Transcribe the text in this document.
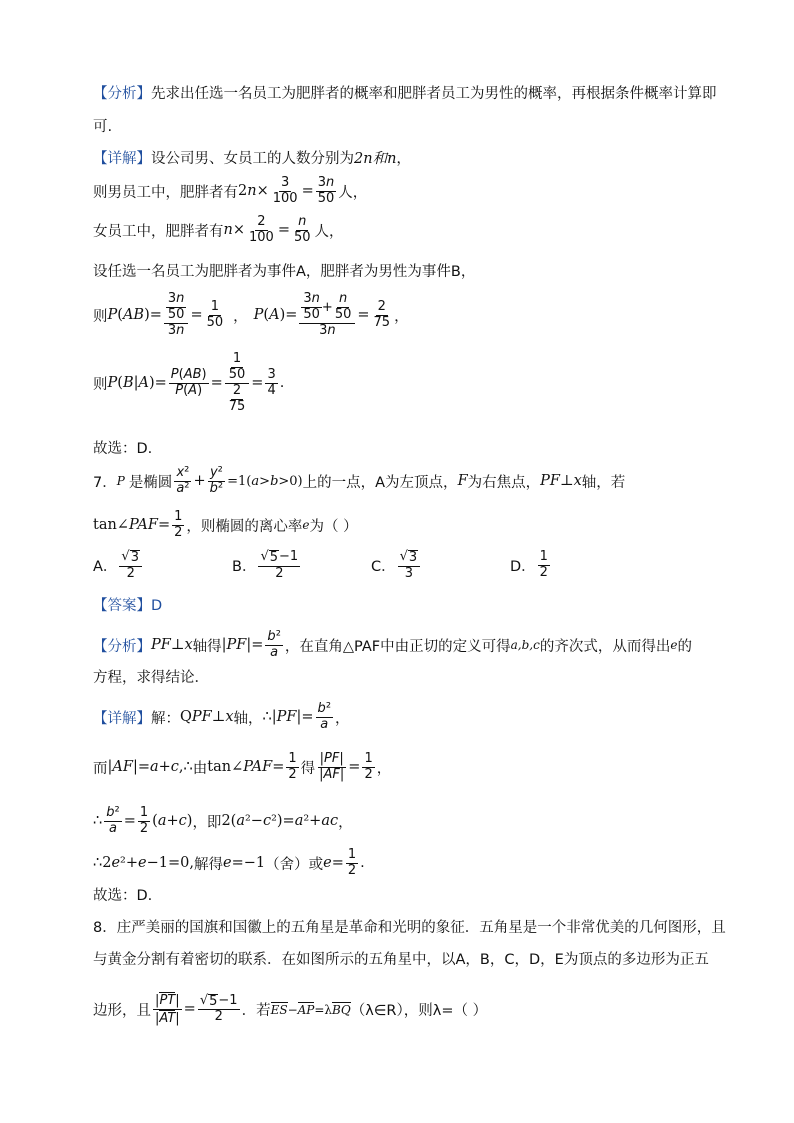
【分析】 先求出任选一名员工为肥胖者的概率和肥胖者员工为男性的概率，再根据条件概率计算即
可.
【详解】 设公司男、女员工的人数分别为 2n和n ，
则男员工中，肥胖者有 $2n\times \frac{3}{100} = \frac{3n}{50}$ 人，
女员工中，肥胖者有 $n\times \frac{2}{100} = \frac{n}{50}$ 人，
设任选一名员工为肥胖者为事件A，肥胖者为男性为事件B，
则 $P(AB)= \frac{\frac{3n}{50}}{3n} = \frac{1}{50}$ ， $P(A)= \frac{\frac{3n}{50} + \frac{n}{50}}{3n} = \frac{2}{75}$ ，
则 $P(B|A)= \frac{P(AB)}{P(A)} = \frac{\frac{1}{50}}{\frac{2}{75}} = \frac{3}{4}$ .
故选：D.
7． P 是椭圆
x²
$a^2 + \frac{\text{y²}}{\text{b²}} =1(a>b>0)$ 上的一点，A为左顶点， F 为右焦点， PF ⊥ x 轴，若
tan∠ PAF = $\frac{1}{2}$ ，则椭圆的离心率 e 为（ ）
A．
√ 3
2	B．
√ 5 −1
2	C．
√ 3
3	D．
1
2
【答案】D
【分析】 PF ⊥ x 轴得 | PF |= $\frac{\text{b²}}{a}$ ，在直角△PAF中由正切的定义可得 a,b,c 的齐次式，从而得出 e 的
方程，求得结论．
【详解】 解： Q PF ⊥ x 轴， ∴| PF |= $\frac{\text{b²}}{a}$ ，
而 | AF |= a + c ,∴ 由 tan∠ PAF = $\frac{1}{2}$ 得 $\frac{|PF|}{|AF|} = \frac{1}{2}$ ，
∴ $\frac{\text{b²}}{a} = \frac{1}{2} (a+c)$ ，即 2(a²−c²)=a²+ac ，
∴2e²+e−1=0, 解得 e =−1 （舍）或 $e = \frac{1}{2}$ .
故选：D.
8． 庄严美丽的国旗和国徽上的五角星是革命和光明的象征．五角星是一个非常优美的几何图形，且
与黄金分割有着密切的联系．在如图所示的五角星中，以A，B，C，D，E为顶点的多边形为正五
边形，且 $\frac{|PT|}{|AT|} = \frac{√ 5 -1}{2}$ ．若 ES−AP=λBQ （λ∈R），则λ=（ ）
